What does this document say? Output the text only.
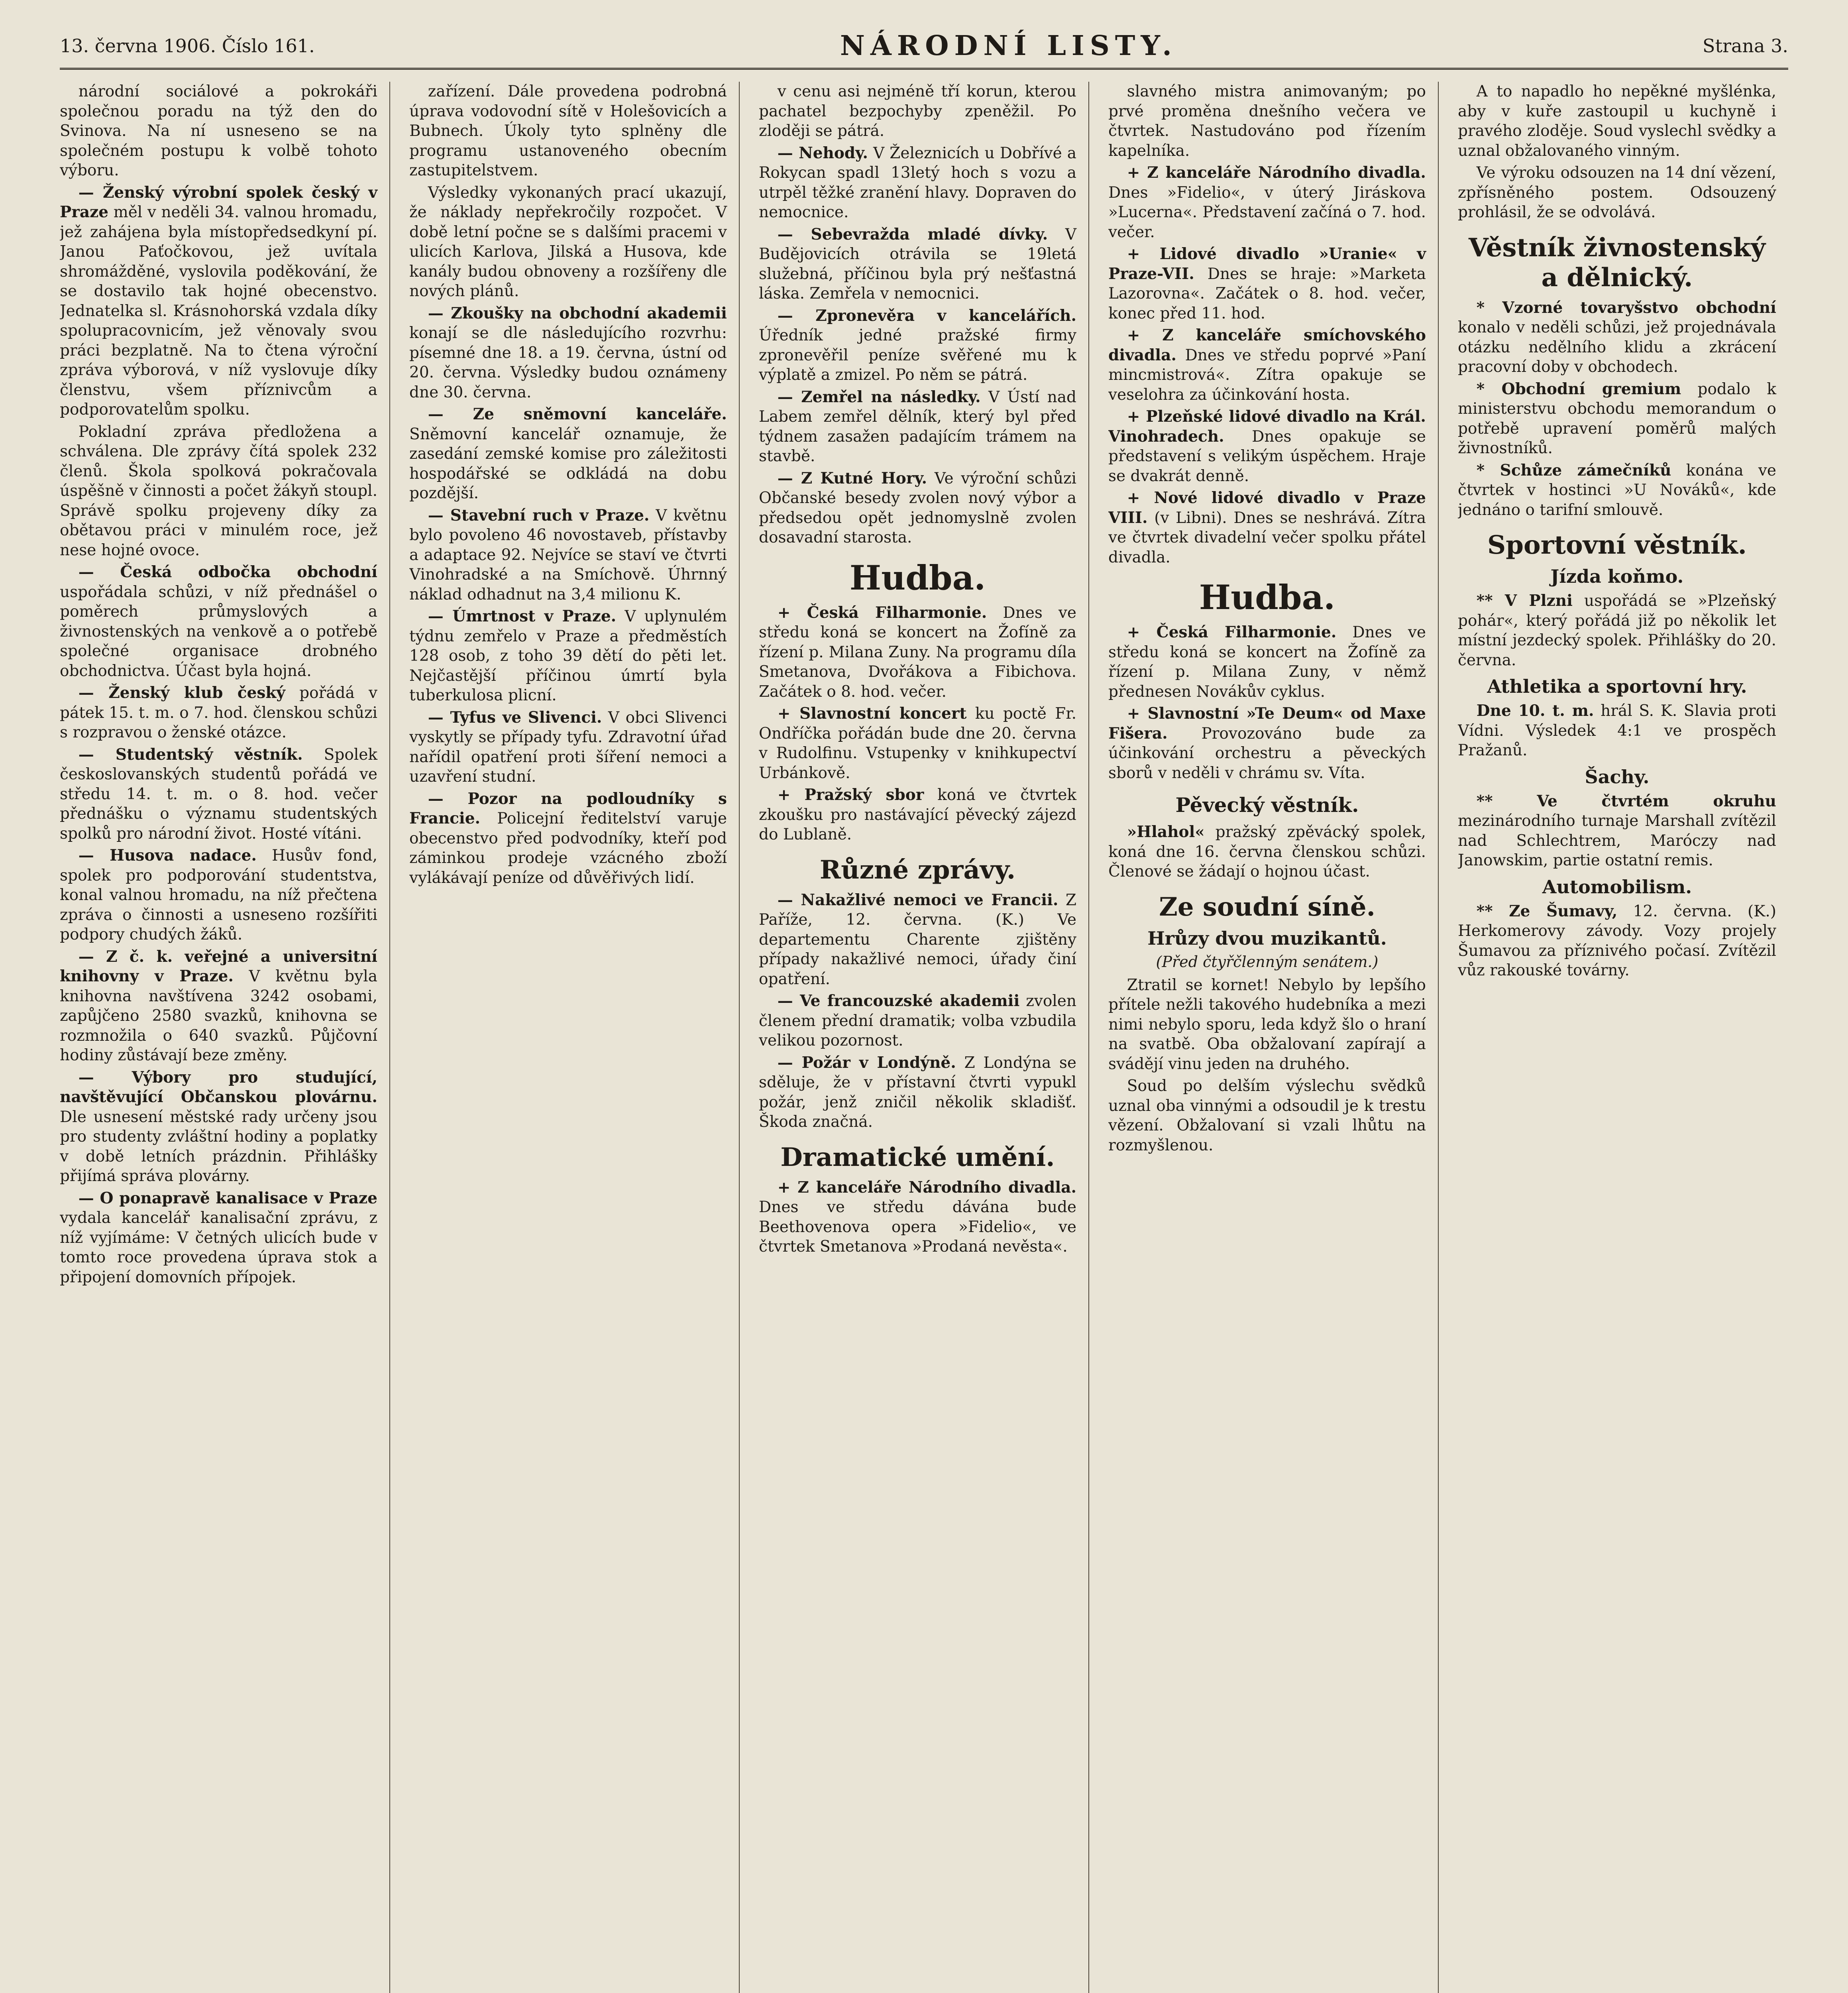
13. června 1906. Číslo 161.	NÁRODNÍ LISTY.	Strana 3.

národní sociálové a pokrokáři společnou poradu na týž den do Svinova. Na ní usneseno se na společném postupu k volbě tohoto výboru.

— Ženský výrobní spolek český v Praze měl v neděli 34. valnou hromadu, jež zahájena byla místopředsedkyní pí. Janou Paťočkovou, jež uvítala shromážděné, vyslovila poděkování, že se dostavilo tak hojné obecenstvo. Jednatelka sl. Krásnohorská vzdala díky spolupracovnicím, jež věnovaly svou práci bezplatně. Na to čtena výroční zpráva výborová, v níž vyslovuje díky členstvu, všem příznivcům a podporovatelům spolku.

Pokladní zpráva předložena a schválena. Dle zprávy čítá spolek 232 členů. Škola spolková pokračovala úspěšně v činnosti a počet žákyň stoupl. Správě spolku projeveny díky za obětavou práci v minulém roce, jež nese hojné ovoce.

— Česká odbočka obchodní uspořádala schůzi, v níž přednášel o poměrech průmyslových a živnostenských na venkově a o potřebě společné organisace drobného obchodnictva. Účast byla hojná.

— Ženský klub český pořádá v pátek 15. t. m. o 7. hod. členskou schůzi s rozpravou o ženské otázce.

— Studentský věstník. Spolek českoslovanských studentů pořádá ve středu 14. t. m. o 8. hod. večer přednášku o významu studentských spolků pro národní život. Hosté vítáni.

— Husova nadace. Husův fond, spolek pro podporování studentstva, konal valnou hromadu, na níž přečtena zpráva o činnosti a usneseno rozšířiti podpory chudých žáků.

— Z č. k. veřejné a universitní knihovny v Praze. V květnu byla knihovna navštívena 3242 osobami, zapůjčeno 2580 svazků, knihovna se rozmnožila o 640 svazků. Půjčovní hodiny zůstávají beze změny.

— Výbory pro studující, navštěvující Občanskou plovárnu. Dle usnesení městské rady určeny jsou pro studenty zvláštní hodiny a poplatky v době letních prázdnin. Přihlášky přijímá správa plovárny.

— O ponapravě kanalisace v Praze vydala kancelář kanalisační zprávu, z níž vyjímáme: V četných ulicích bude v tomto roce provedena úprava stok a připojení domovních přípojek.

zařízení. Dále provedena podrobná úprava vodovodní sítě v Holešovicích a Bubnech. Úkoly tyto splněny dle programu ustanoveného obecním zastupitelstvem.

Výsledky vykonaných prací ukazují, že náklady nepřekročily rozpočet. V době letní počne se s dalšími pracemi v ulicích Karlova, Jilská a Husova, kde kanály budou obnoveny a rozšířeny dle nových plánů.

— Zkoušky na obchodní akademii konají se dle následujícího rozvrhu: písemné dne 18. a 19. června, ústní od 20. června. Výsledky budou oznámeny dne 30. června.

— Ze sněmovní kanceláře. Sněmovní kancelář oznamuje, že zasedání zemské komise pro záležitosti hospodářské se odkládá na dobu pozdější.

— Stavební ruch v Praze. V květnu bylo povoleno 46 novostaveb, přístavby a adaptace 92. Nejvíce se staví ve čtvrti Vinohradské a na Smíchově. Úhrnný náklad odhadnut na 3,4 milionu K.

— Úmrtnost v Praze. V uplynulém týdnu zemřelo v Praze a předměstích 128 osob, z toho 39 dětí do pěti let. Nejčastější příčinou úmrtí byla tuberkulosa plicní.

— Tyfus ve Slivenci. V obci Slivenci vyskytly se případy tyfu. Zdravotní úřad nařídil opatření proti šíření nemoci a uzavření studní.

— Pozor na podloudníky s Francie. Policejní ředitelství varuje obecenstvo před podvodníky, kteří pod záminkou prodeje vzácného zboží vylákávají peníze od důvěřivých lidí.

v cenu asi nejméně tří korun, kterou pachatel bezpochyby zpeněžil. Po zloději se pátrá.

— Nehody. V Železnicích u Dobřívé a Rokycan spadl 13letý hoch s vozu a utrpěl těžké zranění hlavy. Dopraven do nemocnice.

— Sebevražda mladé dívky. V Budějovicích otrávila se 19letá služebná, příčinou byla prý nešťastná láska. Zemřela v nemocnici.

— Zpronevěra v kancelářích. Úředník jedné pražské firmy zpronevěřil peníze svěřené mu k výplatě a zmizel. Po něm se pátrá.

— Zemřel na následky. V Ústí nad Labem zemřel dělník, který byl před týdnem zasažen padajícím trámem na stavbě.

— Z Kutné Hory. Ve výroční schůzi Občanské besedy zvolen nový výbor a předsedou opět jednomyslně zvolen dosavadní starosta.

Hudba.

+ Česká Filharmonie. Dnes ve středu koná se koncert na Žofíně za řízení p. Milana Zuny. Na programu díla Smetanova, Dvořákova a Fibichova. Začátek o 8. hod. večer.

+ Slavnostní koncert ku poctě Fr. Ondříčka pořádán bude dne 20. června v Rudolfinu. Vstupenky v knihkupectví Urbánkově.

+ Pražský sbor koná ve čtvrtek zkoušku pro nastávající pěvecký zájezd do Lublaně.

Různé zprávy.

— Nakažlivé nemoci ve Francii. Z Paříže, 12. června. (K.) Ve departementu Charente zjištěny případy nakažlivé nemoci, úřady činí opatření.

— Ve francouzské akademii zvolen členem přední dramatik; volba vzbudila velikou pozornost.

— Požár v Londýně. Z Londýna se sděluje, že v přístavní čtvrti vypukl požár, jenž zničil několik skladišť. Škoda značná.

Dramatické umění.

+ Z kanceláře Národního divadla. Dnes ve středu dávána bude Beethovenova opera »Fidelio«, ve čtvrtek Smetanova »Prodaná nevěsta«.

slavného mistra animovaným; po prvé proměna dnešního večera ve čtvrtek. Nastudováno pod řízením kapelníka.

+ Z kanceláře Národního divadla. Dnes »Fidelio«, v úterý Jiráskova »Lucerna«. Představení začíná o 7. hod. večer.

+ Lidové divadlo »Uranie« v Praze-VII. Dnes se hraje: »Marketa Lazorovna«. Začátek o 8. hod. večer, konec před 11. hod.

+ Z kanceláře smíchovského divadla. Dnes ve středu poprvé »Paní mincmistrová«. Zítra opakuje se veselohra za účinkování hosta.

+ Plzeňské lidové divadlo na Král. Vinohradech. Dnes opakuje se představení s velikým úspěchem. Hraje se dvakrát denně.

+ Nové lidové divadlo v Praze VIII. (v Libni). Dnes se neshrává. Zítra ve čtvrtek divadelní večer spolku přátel divadla.

Hudba.

+ Česká Filharmonie. Dnes ve středu koná se koncert na Žofíně za řízení p. Milana Zuny, v němž přednesen Novákův cyklus.

+ Slavnostní »Te Deum« od Maxe Fišera. Provozováno bude za účinkování orchestru a pěveckých sborů v neděli v chrámu sv. Víta.

Pěvecký věstník.

»Hlahol« pražský zpěvácký spolek, koná dne 16. června členskou schůzi. Členové se žádají o hojnou účast.

Ze soudní síně.
Hrůzy dvou muzikantů.
(Před čtyřčlenným senátem.)

Ztratil se kornet! Nebylo by lepšího přítele nežli takového hudebníka a mezi nimi nebylo sporu, leda když šlo o hraní na svatbě. Oba obžalovaní zapírají a svádějí vinu jeden na druhého.

Soud po delším výslechu svědků uznal oba vinnými a odsoudil je k trestu vězení. Obžalovaní si vzali lhůtu na rozmyšlenou.

A to napadlo ho nepěkné myšlénka, aby v kuře zastoupil u kuchyně i pravého zloděje. Soud vyslechl svědky a uznal obžalovaného vinným.

Ve výroku odsouzen na 14 dní vězení, zpřísněného postem. Odsouzený prohlásil, že se odvolává.

Věstník živnostenský a dělnický.

* Vzorné tovaryšstvo obchodní konalo v neděli schůzi, jež projednávala otázku nedělního klidu a zkrácení pracovní doby v obchodech.

* Obchodní gremium podalo k ministerstvu obchodu memorandum o potřebě upravení poměrů malých živnostníků.

* Schůze zámečníků konána ve čtvrtek v hostinci »U Nováků«, kde jednáno o tarifní smlouvě.

Sportovní věstník.
Jízda koňmo.

** V Plzni uspořádá se »Plzeňský pohár«, který pořádá již po několik let místní jezdecký spolek. Přihlášky do 20. června.

Athletika a sportovní hry.

Dne 10. t. m. hrál S. K. Slavia proti Vídni. Výsledek 4:1 ve prospěch Pražanů.

Šachy.

** Ve čtvrtém okruhu mezinárodního turnaje Marshall zvítězil nad Schlechtrem, Maróczy nad Janowskim, partie ostatní remis.

Automobilism.

** Ze Šumavy, 12. června. (K.) Herkomerovy závody. Vozy projely Šumavou za příznivého počasí. Zvítězil vůz rakouské továrny.
